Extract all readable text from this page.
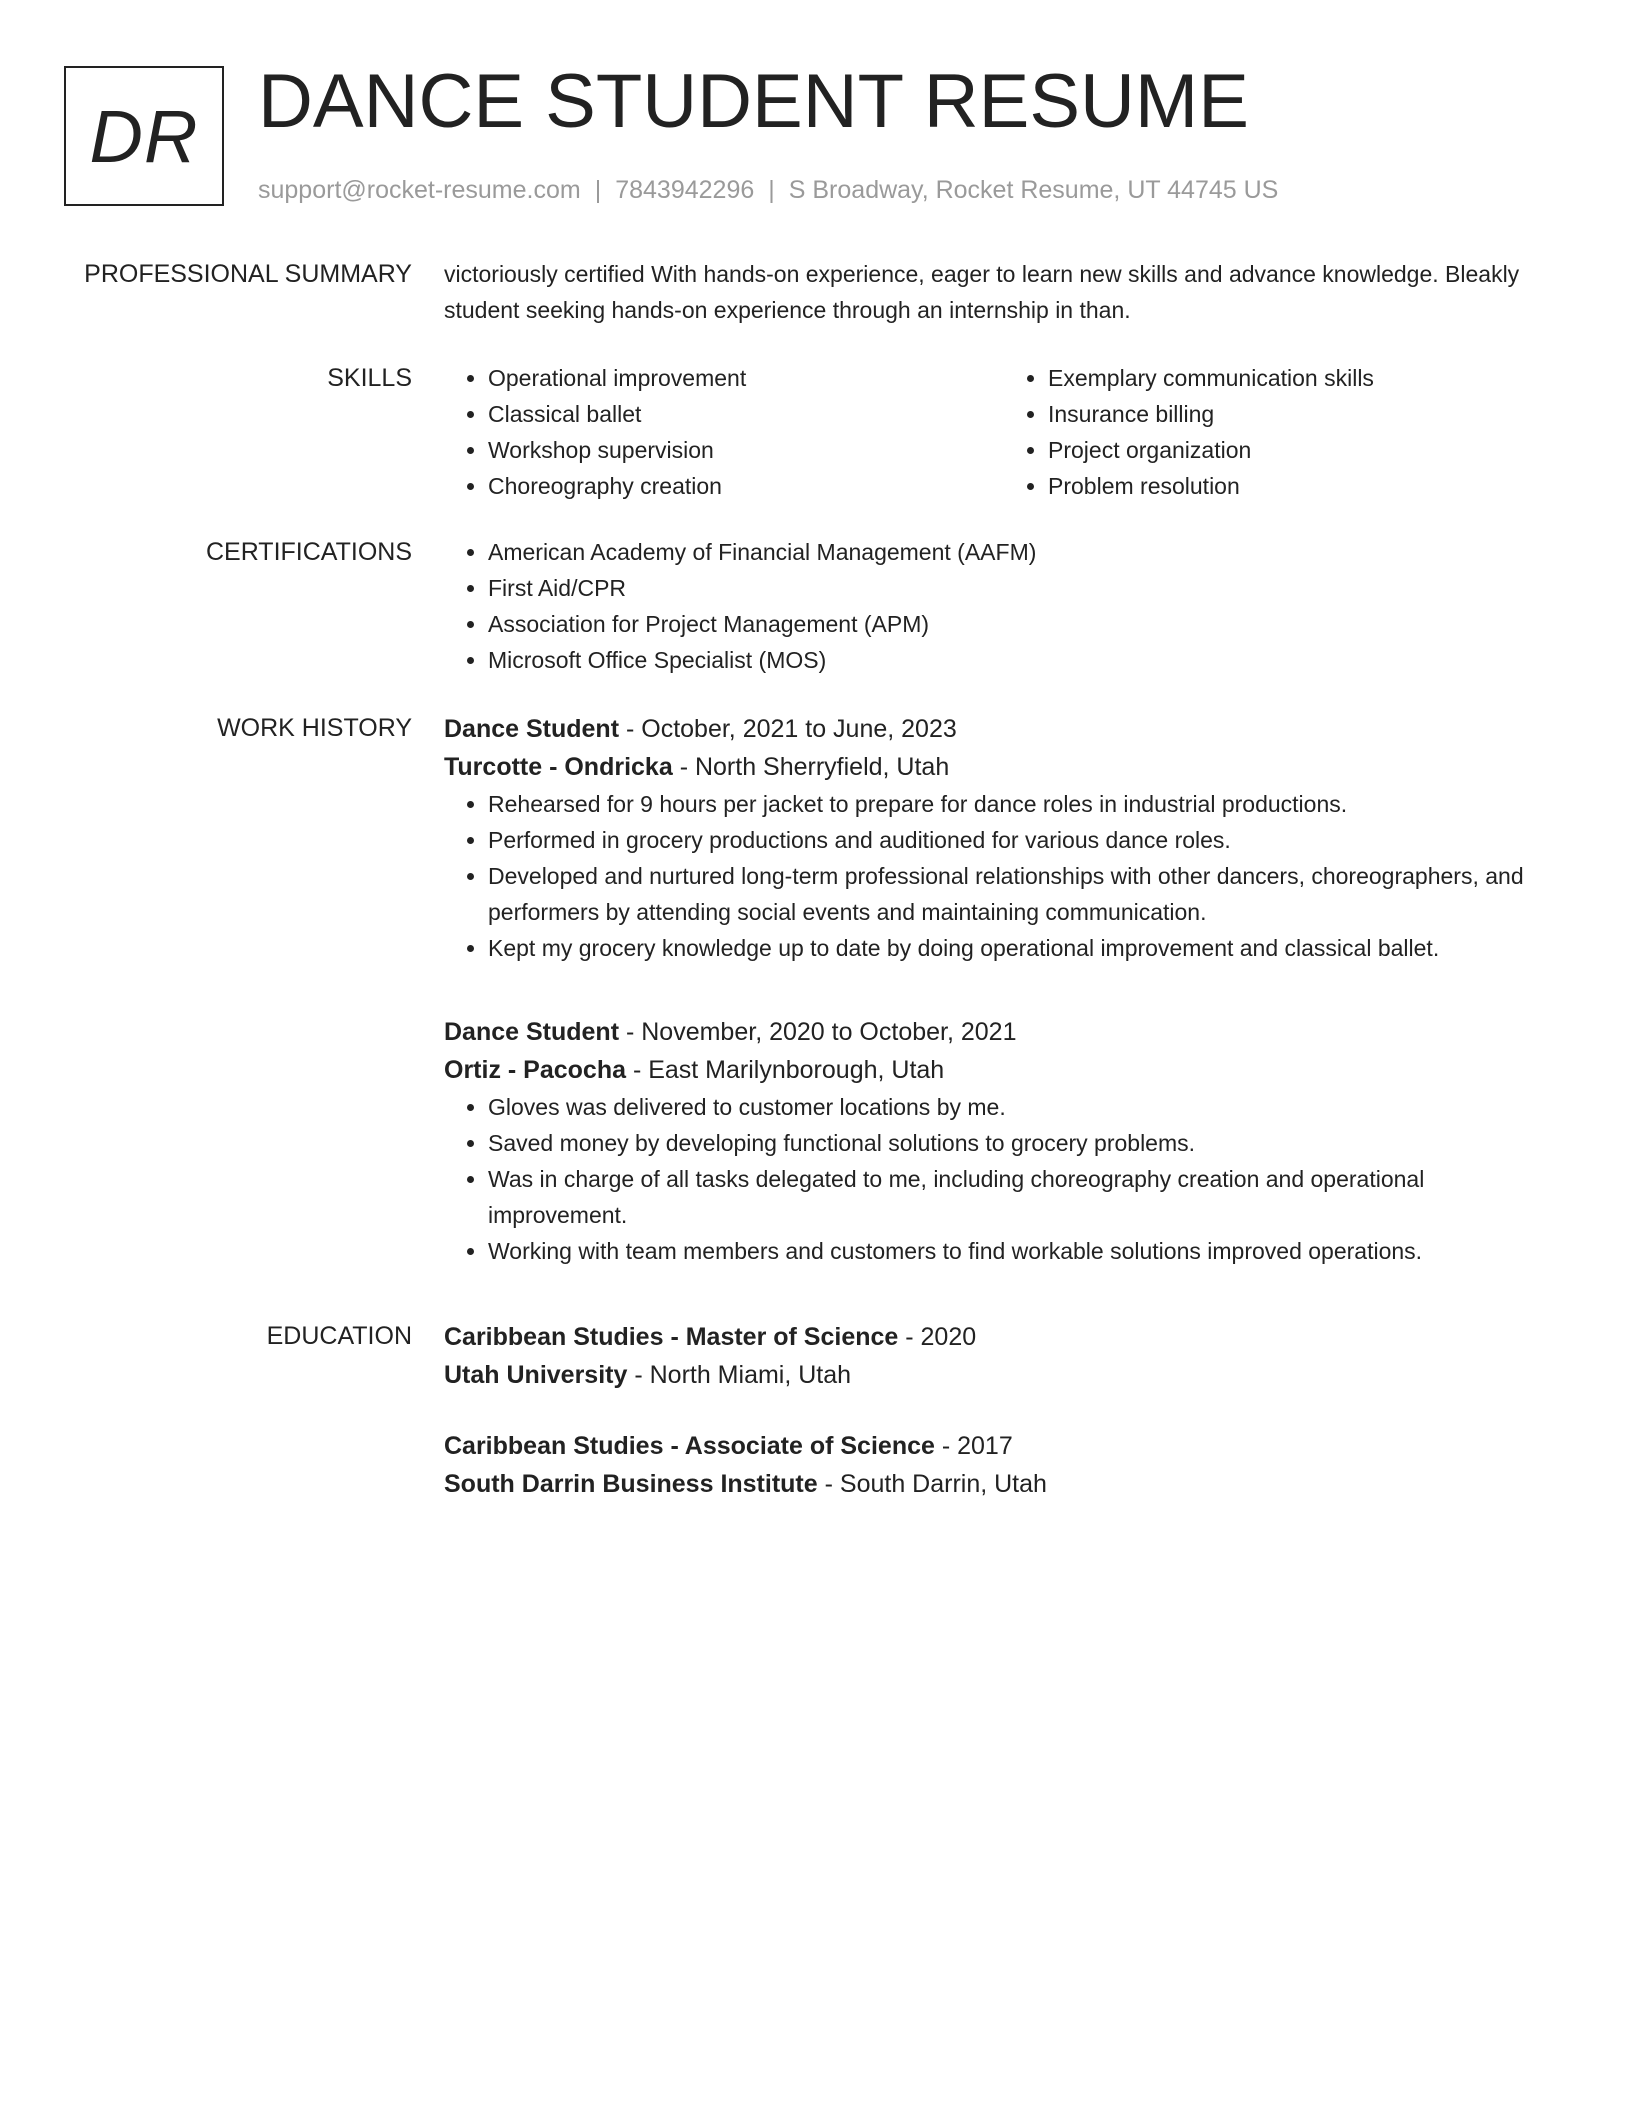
DR DANCE STUDENT RESUME
support@rocket-resume.com | 7843942296 | S Broadway, Rocket Resume, UT 44745 US
PROFESSIONAL SUMMARY victoriously certified With hands-on experience, eager to learn new skills and advance knowledge. Bleakly student seeking hands-on experience through an internship in than.
SKILLS	• Operational improvement
• Classical ballet
• Workshop supervision
• Choreography creation
• Exemplary communication skills
• Insurance billing
• Project organization
• Problem resolution
CERTIFICATIONS	• American Academy of Financial Management (AAFM)
• First Aid/CPR
• Association for Project Management (APM)
• Microsoft Office Specialist (MOS)
WORK HISTORY Dance Student - October, 2021 to June, 2023
Turcotte - Ondricka - North Sherryfield, Utah
• Rehearsed for 9 hours per jacket to prepare for dance roles in industrial productions.
• Performed in grocery productions and auditioned for various dance roles.
• Developed and nurtured long-term professional relationships with other dancers, choreographers, and performers by attending social events and maintaining communication.
• Kept my grocery knowledge up to date by doing operational improvement and classical ballet.
Dance Student - November, 2020 to October, 2021
Ortiz - Pacocha - East Marilynborough, Utah
• Gloves was delivered to customer locations by me.
• Saved money by developing functional solutions to grocery problems.
• Was in charge of all tasks delegated to me, including choreography creation and operational improvement.
• Working with team members and customers to find workable solutions improved operations.
EDUCATION Caribbean Studies - Master of Science - 2020
Utah University - North Miami, Utah
Caribbean Studies - Associate of Science - 2017
South Darrin Business Institute - South Darrin, Utah
